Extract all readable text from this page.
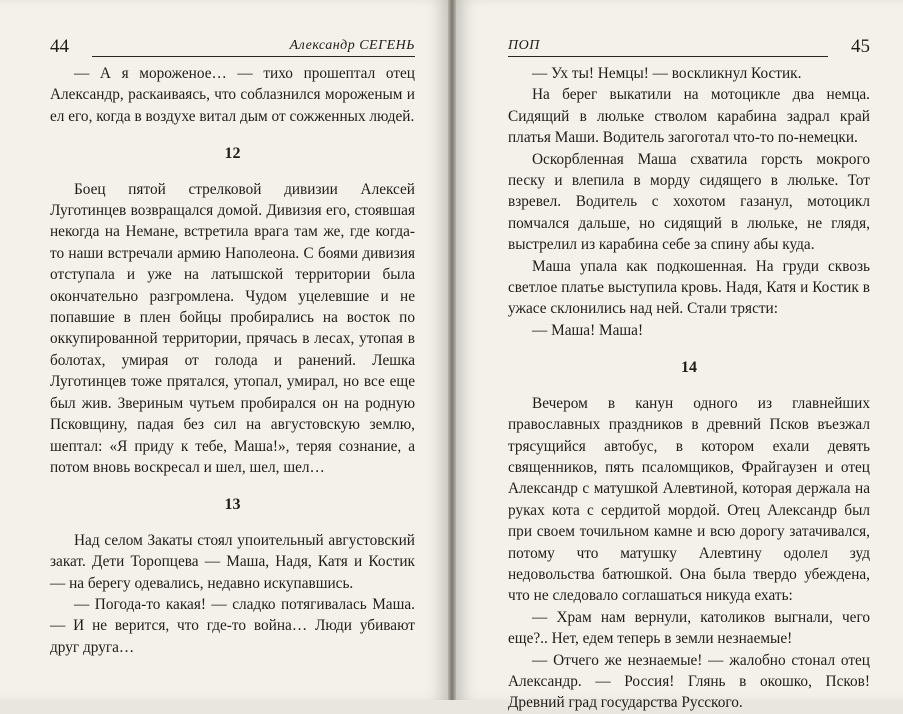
44	Александр СЕГЕНЬ

— А я мороженое… — тихо прошептал отец Александр, раскаиваясь, что соблазнился мороженым и ел его, когда в воздухе витал дым от сожженных людей.

12

Боец пятой стрелковой дивизии Алексей Луготинцев возвращался домой. Дивизия его, стоявшая некогда на Немане, встретила врага там же, где когда-то наши встречали армию Наполеона. С боями дивизия отступала и уже на латышской территории была окончательно разгромлена. Чудом уцелевшие и не попавшие в плен бойцы пробирались на восток по оккупированной территории, прячась в лесах, утопая в болотах, умирая от голода и ранений. Лешка Луготинцев тоже прятался, утопал, умирал, но все еще был жив. Звериным чутьем пробирался он на родную Псковщину, падая без сил на августовскую землю, шептал: «Я приду к тебе, Маша!», теряя сознание, а потом вновь воскресал и шел, шел, шел…

13

Над селом Закаты стоял упоительный августовский закат. Дети Торопцева — Маша, Надя, Катя и Костик — на берегу одевались, недавно искупавшись.

— Погода-то какая! — сладко потягивалась Маша. — И не верится, что где-то война… Люди убивают друг друга…

ПОП	45

— Ух ты! Немцы! — воскликнул Костик.

На берег выкатили на мотоцикле два немца. Сидящий в люльке стволом карабина задрал край платья Маши. Водитель загоготал что-то по-немецки.

Оскорбленная Маша схватила горсть мокрого песку и влепила в морду сидящего в люльке. Тот взревел. Водитель с хохотом газанул, мотоцикл помчался дальше, но сидящий в люльке, не глядя, выстрелил из карабина себе за спину абы куда.

Маша упала как подкошенная. На груди сквозь светлое платье выступила кровь. Надя, Катя и Костик в ужасе склонились над ней. Стали трясти:

— Маша! Маша!

14

Вечером в канун одного из главнейших православных праздников в древний Псков въезжал трясущийся автобус, в котором ехали девять священников, пять псаломщиков, Фрайгаузен и отец Александр с матушкой Алевтиной, которая держала на руках кота с сердитой мордой. Отец Александр был при своем точильном камне и всю дорогу затачивался, потому что матушку Алевтину одолел зуд недовольства батюшкой. Она была твердо убеждена, что не следовало соглашаться никуда ехать:

— Храм нам вернули, католиков выгнали, чего еще?.. Нет, едем теперь в земли незнаемые!

— Отчего же незнаемые! — жалобно стонал отец Александр. — Россия! Глянь в окошко, Псков! Древний град государства Русского.
